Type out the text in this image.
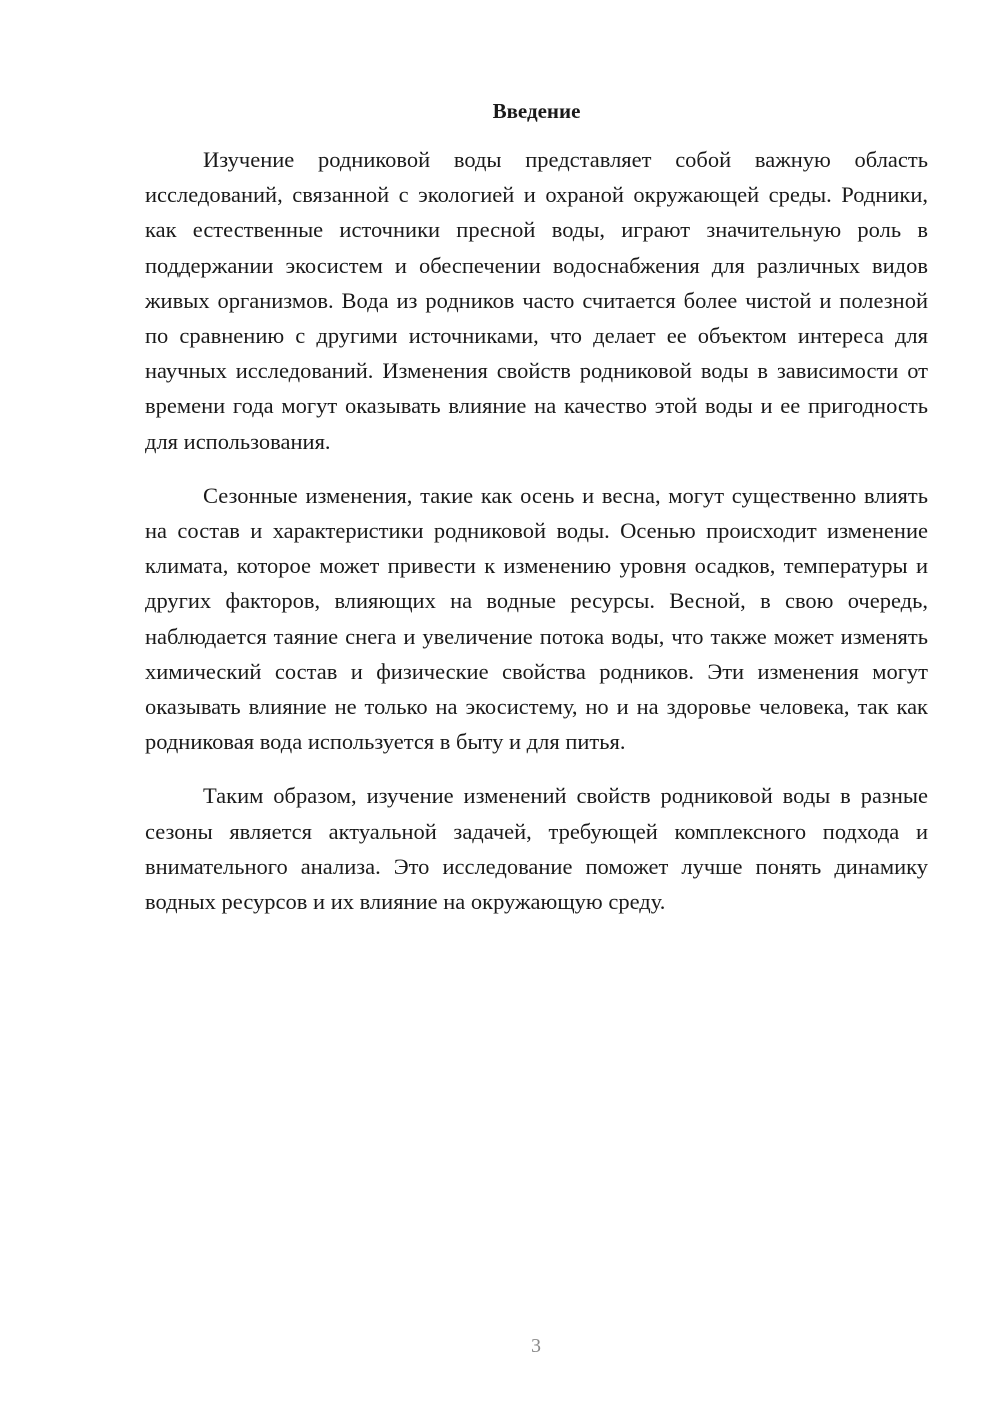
Введение

Изучение родниковой воды представляет собой важную область исследований, связанной с экологией и охраной окружающей среды. Родники, как естественные источники пресной воды, играют значительную роль в поддержании экосистем и обеспечении водоснабжения для различных видов живых организмов. Вода из родников часто считается более чистой и полезной по сравнению с другими источниками, что делает ее объектом интереса для научных исследований. Изменения свойств родниковой воды в зависимости от времени года могут оказывать влияние на качество этой воды и ее пригодность для использования.

Сезонные изменения, такие как осень и весна, могут существенно влиять на состав и характеристики родниковой воды. Осенью происходит изменение климата, которое может привести к изменению уровня осадков, температуры и других факторов, влияющих на водные ресурсы. Весной, в свою очередь, наблюдается таяние снега и увеличение потока воды, что также может изменять химический состав и физические свойства родников. Эти изменения могут оказывать влияние не только на экосистему, но и на здоровье человека, так как родниковая вода используется в быту и для питья.

Таким образом, изучение изменений свойств родниковой воды в разные сезоны является актуальной задачей, требующей комплексного подхода и внимательного анализа. Это исследование поможет лучше понять динамику водных ресурсов и их влияние на окружающую среду.

3
